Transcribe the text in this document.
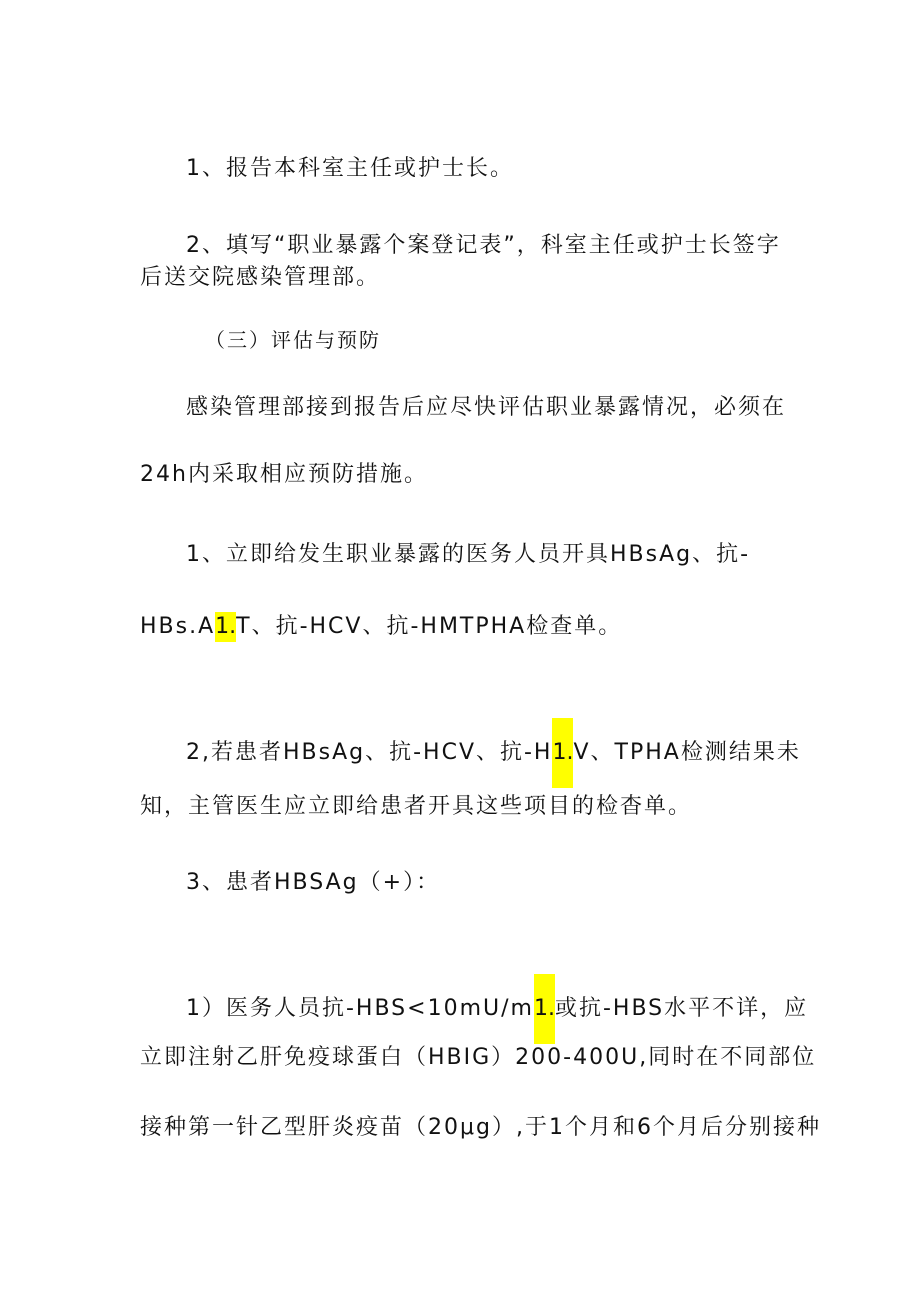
1、报告本科室主任或护士长。
2、填写“职业暴露个案登记表”，科室主任或护士长签字
后送交院感染管理部。
（三）评估与预防
感染管理部接到报告后应尽快评估职业暴露情况，必须在
24h内采取相应预防措施。
1、立即给发生职业暴露的医务人员开具HBsAg、抗-
HBs.A1.T、抗-HCV、抗-HMTPHA检查单。
2,若患者HBsAg、抗-HCV、抗-H1.V、TPHA检测结果未
知，主管医生应立即给患者开具这些项目的检杳单。
3、患者HBSAg（+）：
1）医务人员抗-HBS<10mU/m1.或抗-HBS水平不详，应
立即注射乙肝免疫球蛋白（HBIG）200-400U,同时在不同部位
接种第一针乙型肝炎疫苗（20μg）,于1个月和6个月后分别接种
